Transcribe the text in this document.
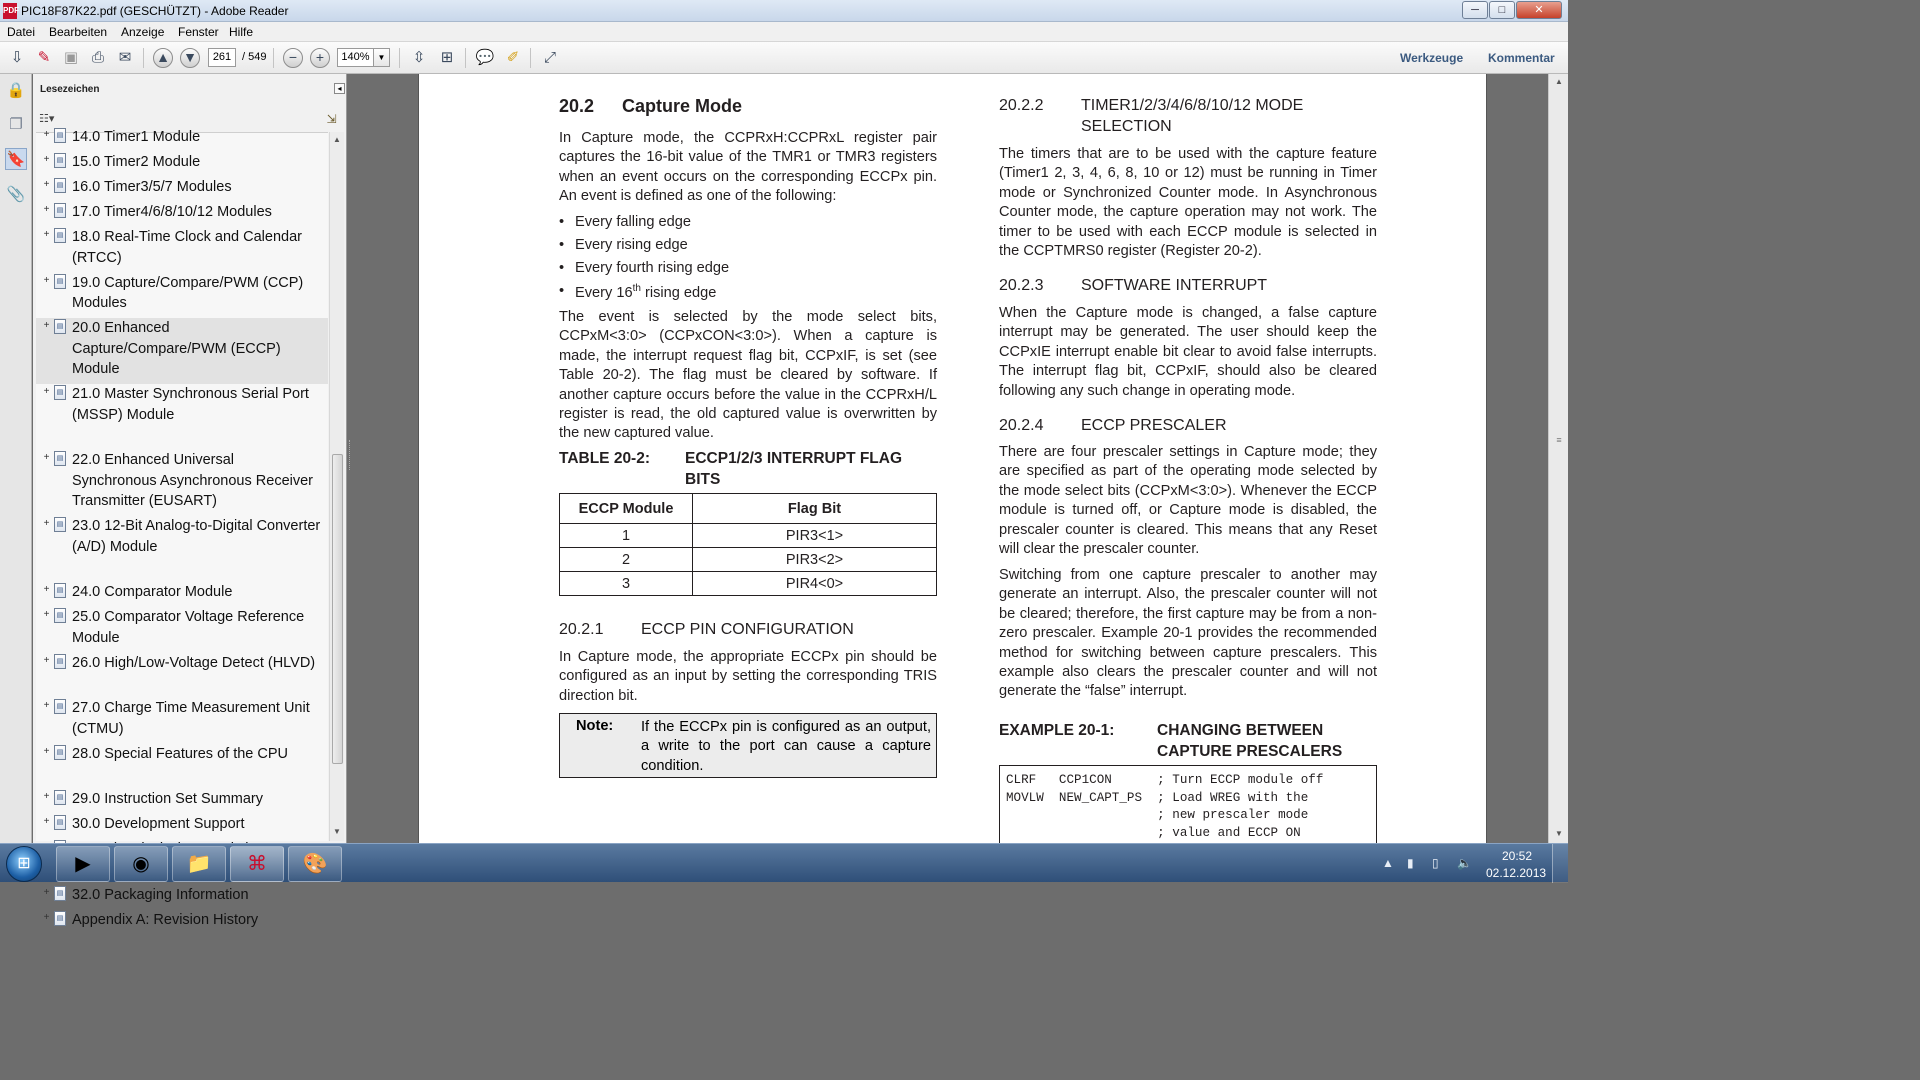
PDF PIC18F87K22.pdf (GESCHÜTZT) - Adobe Reader	─	□	✕
Datei Bearbeiten Anzeige Fenster Hilfe
⇩ ✎ ▣ ⎙ ✉	▲ ▼	−	+	⇳	⊞	💬 ✐	⤢
261 / 549	140% ▼	Werkzeuge Kommentar
🔒
❐
🔖
📎
Lesezeichen	◂
☷▾	⇲
+	▤ 14.0 Timer1 Module
+	▤ 15.0 Timer2 Module
+	▤ 16.0 Timer3/5/7 Modules
+	▤ 17.0 Timer4/6/8/10/12 Modules
+	▤ 18.0 Real-Time Clock and Calendar (RTCC)
+	▤ 19.0 Capture/Compare/PWM (CCP) Modules
+	▤ 20.0 Enhanced Capture/Compare/PWM (ECCP) Module
+	▤ 21.0 Master Synchronous Serial Port (MSSP) Module
+	▤ 22.0 Enhanced Universal Synchronous Asynchronous Receiver Transmitter (EUSART)
+	▤ 23.0 12-Bit Analog-to-Digital Converter (A/D) Module
+	▤ 24.0 Comparator Module
+	▤ 25.0 Comparator Voltage Reference Module
+	▤ 26.0 High/Low-Voltage Detect (HLVD)
+	▤ 27.0 Charge Time Measurement Unit (CTMU)
+	▤ 28.0 Special Features of the CPU
+	▤ 29.0 Instruction Set Summary
+	▤ 30.0 Development Support
+	▤ 32.0 Packaging Information
+	▤ Appendix A: Revision History
▲
▼
▲
≡
▼
20.2 Capture Mode
In Capture mode, the CCPRxH:CCPRxL register pair captures the 16-bit value of the TMR1 or TMR3 registers when an event occurs on the corresponding ECCPx pin. An event is defined as one of the following:
• Every falling edge
• Every rising edge
• Every fourth rising edge
• Every 16th rising edge
The event is selected by the mode select bits, CCPxM<3:0> (CCPxCON<3:0>). When a capture is made, the interrupt request flag bit, CCPxIF, is set (see Table 20-2). The flag must be cleared by software. If another capture occurs before the value in the CCPRxH/L register is read, the old captured value is overwritten by the new captured value.
TABLE 20-2: ECCP1/2/3 INTERRUPT FLAG
BITS
ECCP Module	Flag Bit
1	PIR3<1>
2	PIR3<2>
3	PIR4<0>
20.2.1 ECCP PIN CONFIGURATION
In Capture mode, the appropriate ECCPx pin should be configured as an input by setting the corresponding TRIS direction bit.
Note: If the ECCPx pin is configured as an output, a write to the port can cause a capture condition.
20.2.2 TIMER1/2/3/4/6/8/10/12 MODE
SELECTION
The timers that are to be used with the capture feature (Timer1 2, 3, 4, 6, 8, 10 or 12) must be running in Timer mode or Synchronized Counter mode. In Asynchronous Counter mode, the capture operation may not work. The timer to be used with each ECCP module is selected in the CCPTMRS0 register (Register 20-2).
20.2.3 SOFTWARE INTERRUPT
When the Capture mode is changed, a false capture interrupt may be generated. The user should keep the CCPxIE interrupt enable bit clear to avoid false interrupts. The interrupt flag bit, CCPxIF, should also be cleared following any such change in operating mode.
20.2.4 ECCP PRESCALER
There are four prescaler settings in Capture mode; they are specified as part of the operating mode selected by the mode select bits (CCPxM<3:0>). Whenever the ECCP module is turned off, or Capture mode is disabled, the prescaler counter is cleared. This means that any Reset will clear the prescaler counter.
Switching from one capture prescaler to another may generate an interrupt. Also, the prescaler counter will not be cleared; therefore, the first capture may be from a non-zero prescaler. Example 20-1 provides the recommended method for switching between capture prescalers. This example also clears the prescaler counter and will not generate the “false” interrupt.
EXAMPLE 20-1:	CHANGING BETWEEN
CAPTURE PRESCALERS
CLRF   CCP1CON      ; Turn ECCP module off
MOVLW  NEW_CAPT_PS  ; Load WREG with the
; new prescaler mode
; value and ECCP ON
⊞	▶	◉	📁	⌘	🎨	▲ ▮ ▯ 🔈	20:52
02.12.2013
